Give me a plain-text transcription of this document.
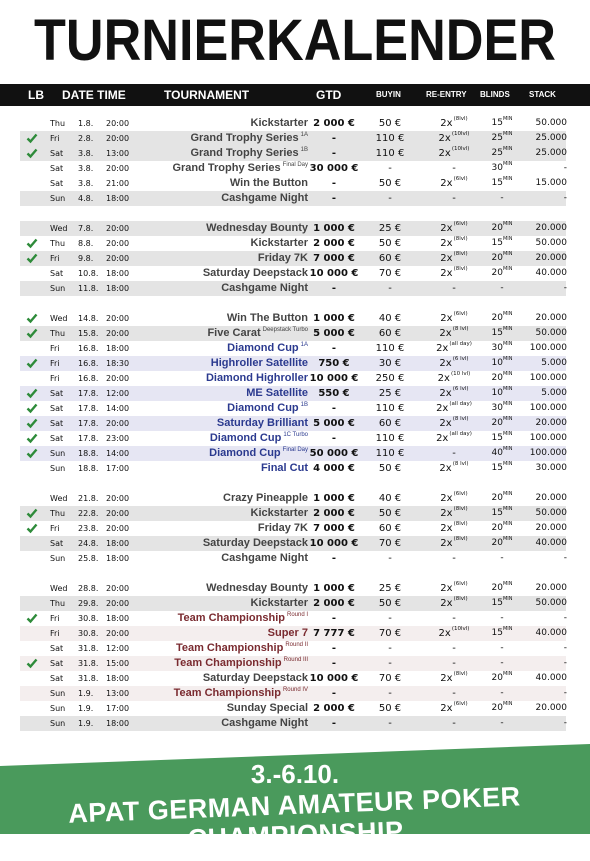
TURNIERKALENDER
LB DATE TIME	TOURNAMENT	GTD	BUYIN	RE-ENTRY BLINDS STACK
Thu 1.8. 20:00	Kickstarter 2 000 €	50 €	$2x^{(8lvl)}$	$15^{MIN}$	50.000
Fri 2.8. 20:00	Grand Trophy Series $^{1A}$	-	110 €	$2x^{(10lvl)}$	$25^{MIN}$	25.000
Sat 3.8. 13:00	Grand Trophy Series $^{1B}$	-	110 €	$2x^{(10lvl)}$	$25^{MIN}$	25.000
Sat 3.8. 20:00	Grand Trophy Series $^{Final Day}$ 30 000 €	-	-	$30^{MIN}$	-
Sat 3.8. 21:00	Win the Button	-	50 €	$2x^{(6lvl)}$	$15^{MIN}$	15.000
Sun 4.8. 18:00	Cashgame Night	-	-	-	-	-
Wed 7.8. 20:00	Wednesday Bounty 1 000 €	25 €	$2x^{(6lvl)}$	$20^{MIN}$	20.000
Thu 8.8. 20:00	Kickstarter 2 000 €	50 €	$2x^{(8lvl)}$	$15^{MIN}$	50.000
Fri 9.8. 20:00	Friday 7K 7 000 €	60 €	$2x^{(8lvl)}$	$20^{MIN}$	20.000
Sat 10.8. 18:00	Saturday Deepstack 10 000 €	70 €	$2x^{(8lvl)}$	$20^{MIN}$	40.000
Sun 11.8. 18:00	Cashgame Night	-	-	-	-	-
Wed 14.8. 20:00	Win The Button 1 000 €	40 €	$2x^{(6lvl)}$	$20^{MIN}$	20.000
Thu 15.8. 20:00	Five Carat $^{Deepstack Turbo}$ 5 000 €	60 €	$2x^{(8 lvl)}$	$15^{MIN}$	50.000
Fri 16.8. 18:00	Diamond Cup $^{1A}$	-	110 €	$2x^{(all day)}$	$30^{MIN}$	100.000
Fri 16.8. 18:30	Highroller Satellite	750 €	30 €	$2x^{(6 lvl)}$	$10^{MIN}$	5.000
Fri 16.8. 20:00	Diamond Highroller 10 000 €	250 €	$2x^{(10 lvl)}$	$20^{MIN}$	100.000
Sat 17.8. 12:00	ME Satellite	550 €	25 €	$2x^{(6 lvl)}$	$10^{MIN}$	5.000
Sat 17.8. 14:00	Diamond Cup $^{1B}$	-	110 €	$2x^{(all day)}$	$30^{MIN}$	100.000
Sat 17.8. 20:00	Saturday Brilliant 5 000 €	60 €	$2x^{(8 lvl)}$	$20^{MIN}$	20.000
Sat 17.8. 23:00	Diamond Cup $^{1C Turbo}$	-	110 €	$2x^{(all day)}$	$15^{MIN}$	100.000
Sun 18.8. 14:00	Diamond Cup $^{Final Day}$ 50 000 €	110 €	-	$40^{MIN}$	100.000
Sun 18.8. 17:00	Final Cut 4 000 €	50 €	$2x^{(8 lvl)}$	$15^{MIN}$	30.000
Wed 21.8. 20:00	Crazy Pineapple 1 000 €	40 €	$2x^{(6lvl)}$	$20^{MIN}$	20.000
Thu 22.8. 20:00	Kickstarter 2 000 €	50 €	$2x^{(8lvl)}$	$15^{MIN}$	50.000
Fri 23.8. 20:00	Friday 7K 7 000 €	60 €	$2x^{(8lvl)}$	$20^{MIN}$	20.000
Sat 24.8. 18:00	Saturday Deepstack 10 000 €	70 €	$2x^{(8lvl)}$	$20^{MIN}$	40.000
Sun 25.8. 18:00	Cashgame Night	-	-	-	-	-
Wed 28.8. 20:00	Wednesday Bounty 1 000 €	25 €	$2x^{(6lvl)}$	$20^{MIN}$	20.000
Thu 29.8. 20:00	Kickstarter 2 000 €	50 €	$2x^{(8lvl)}$	$15^{MIN}$	50.000
Fri 30.8. 18:00	Team Championship $^{Round I}$	-	-	-	-	-
Fri 30.8. 20:00	Super 7 7 777 €	70 €	$2x^{(10lvl)}$	$15^{MIN}$	40.000
Sat 31.8. 12:00	Team Championship $^{Round II}$	-	-	-	-	-
Sat 31.8. 15:00	Team Championship $^{Round III}$	-	-	-	-	-
Sat 31.8. 18:00	Saturday Deepstack 10 000 €	70 €	$2x^{(8lvl)}$	$20^{MIN}$	40.000
Sun 1.9. 13:00	Team Championship $^{Round IV}$	-	-	-	-	-
Sun 1.9. 17:00	Sunday Special 2 000 €	50 €	$2x^{(6lvl)}$	$20^{MIN}$	20.000
Sun 1.9. 18:00	Cashgame Night	-	-	-	-	-
3.-6.10.
APAT GERMAN AMATEUR POKER CHAMPIONSHIP
